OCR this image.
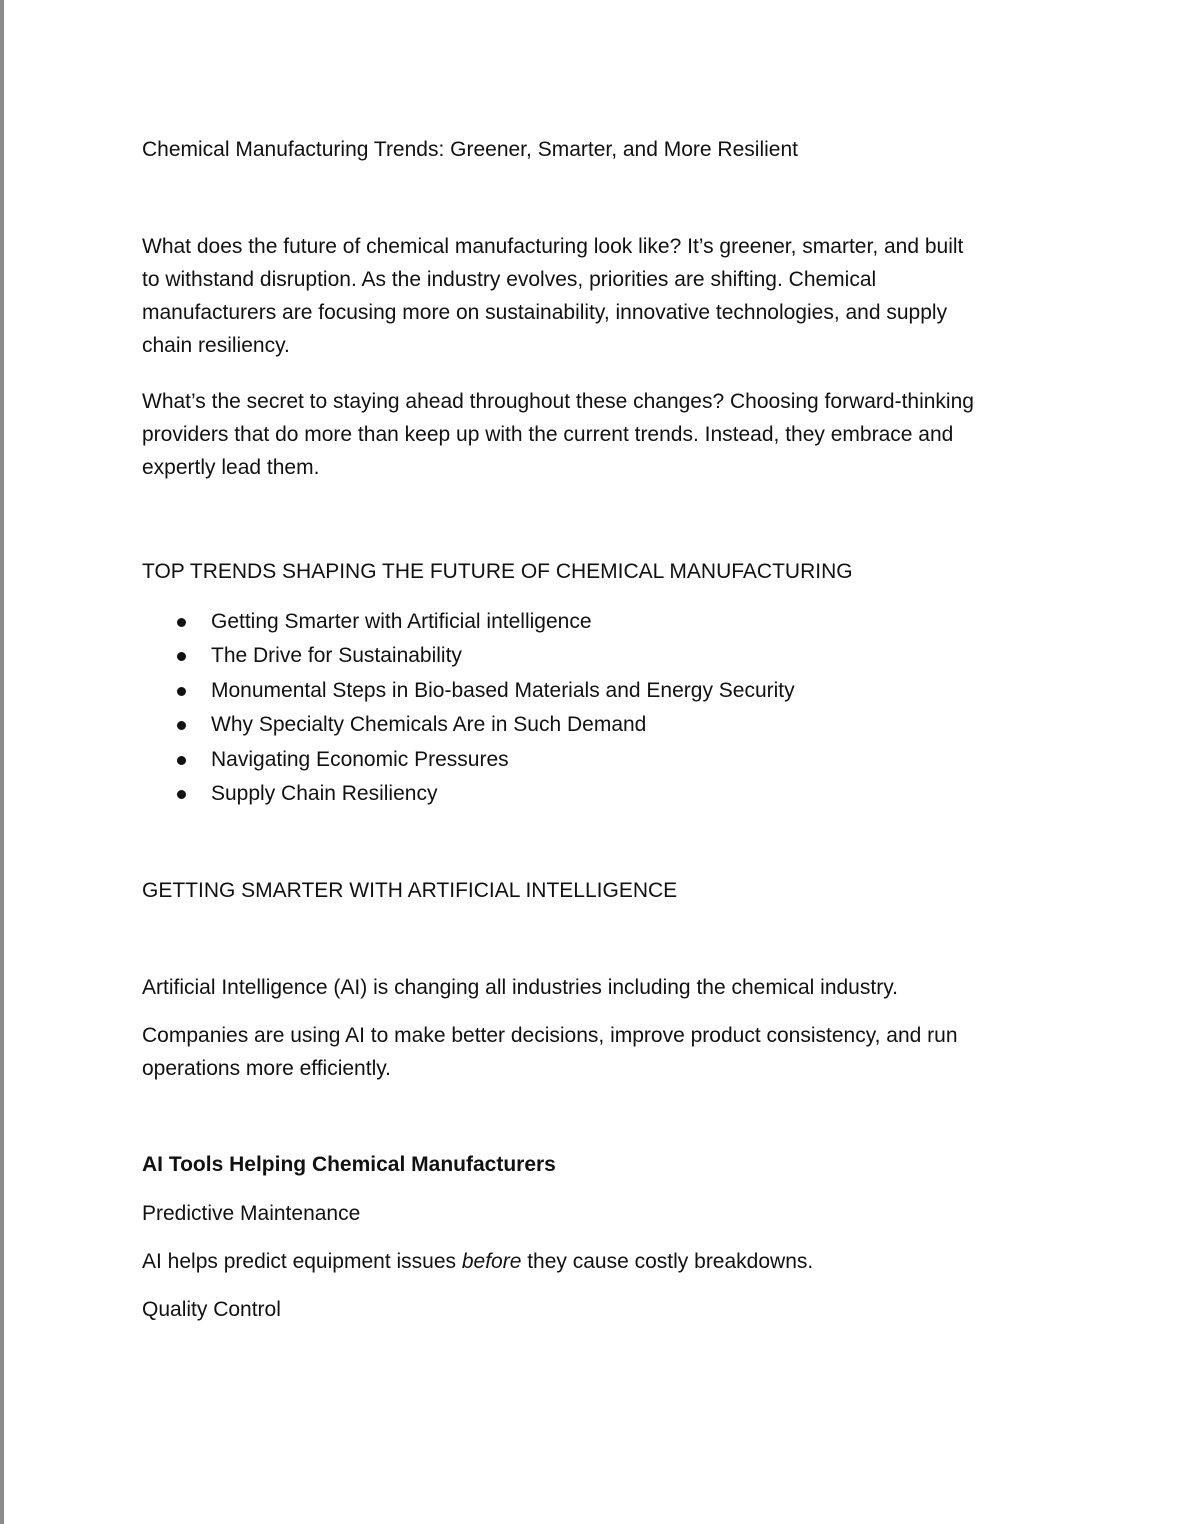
Chemical Manufacturing Trends: Greener, Smarter, and More Resilient

What does the future of chemical manufacturing look like? It’s greener, smarter, and built
to withstand disruption. As the industry evolves, priorities are shifting. Chemical
manufacturers are focusing more on sustainability, innovative technologies, and supply
chain resiliency.
What’s the secret to staying ahead throughout these changes? Choosing forward-thinking
providers that do more than keep up with the current trends. Instead, they embrace and
expertly lead them.

TOP TRENDS SHAPING THE FUTURE OF CHEMICAL MANUFACTURING

Getting Smarter with Artificial intelligence
The Drive for Sustainability
Monumental Steps in Bio-based Materials and Energy Security
Why Specialty Chemicals Are in Such Demand
Navigating Economic Pressures
Supply Chain Resiliency

GETTING SMARTER WITH ARTIFICIAL INTELLIGENCE

Artificial Intelligence (AI) is changing all industries including the chemical industry.

Companies are using AI to make better decisions, improve product consistency, and run
operations more efficiently.

AI Tools Helping Chemical Manufacturers

Predictive Maintenance

AI helps predict equipment issues before they cause costly breakdowns.

Quality Control
